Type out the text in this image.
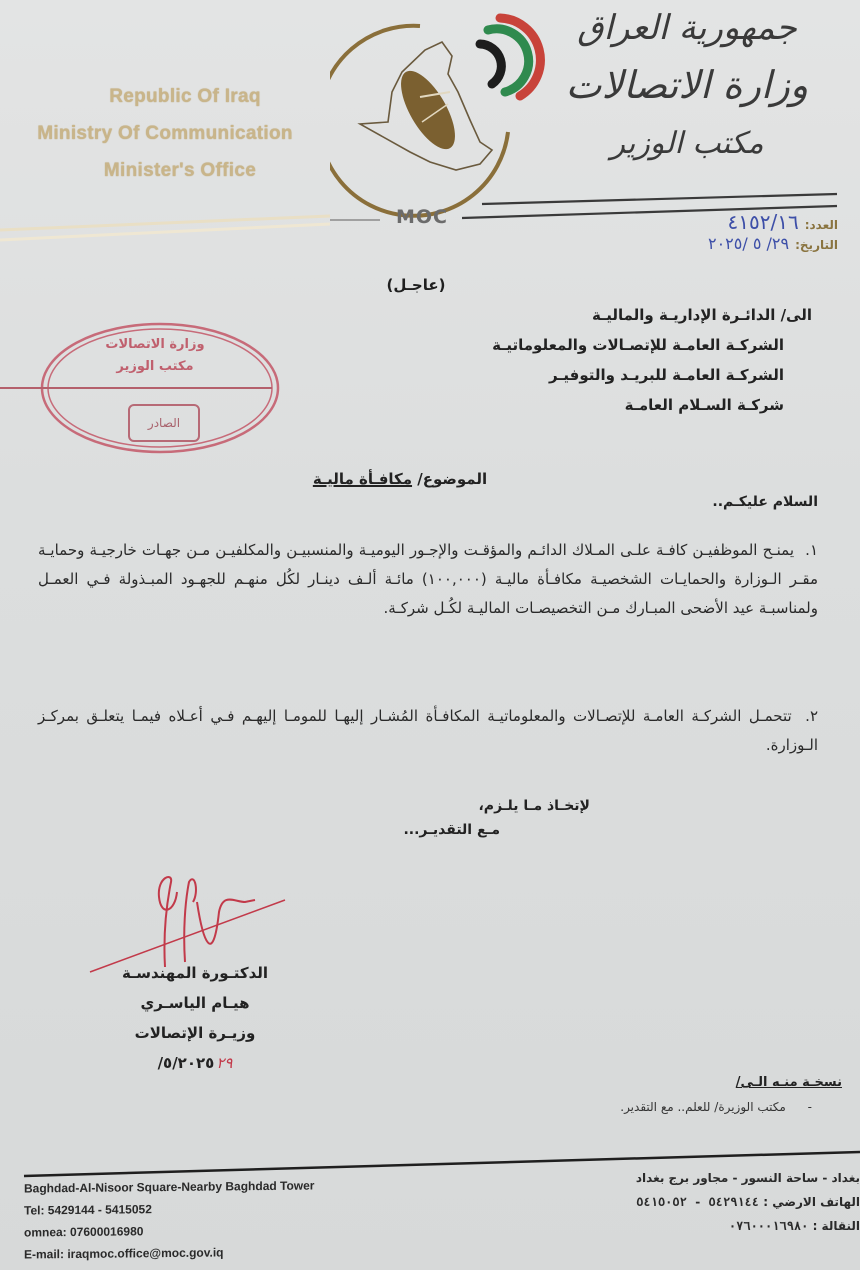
Republic Of Iraq
Ministry Of Communication
Minister's Office
MOC
جمهورية العراق
وزارة الاتصالات
مكتب الوزير
العدد:
٤١٥٢/١٦
التاريخ:
٢٩/ ٥ /٢٠٢٥
(عاجـل)
الى/ الدائـرة الإداريـة والماليـة
الشركـة العامـة للإتصـالات والمعلوماتيـة
الشركـة العامـة للبريـد والتوفيـر
شركـة السـلام العامـة
وزارة الاتصالات
مكتب الوزير
الصادر
الموضوع/ مكافـأة ماليـة
السلام عليكـم..
١. يمنـح الموظفيـن كافـة علـى المـلاك الدائـم والمؤقـت والإجـور اليوميـة والمنسبيـن والمكلفيـن مـن جهـات خارجيـة وحمايـة مقـر الـوزارة والحمايـات الشخصيـة مكافـأة ماليـة (١٠٠,٠٠٠) مائـة ألـف دينـار لكُل منهـم للجهـود المبـذولة فـي العمـل ولمناسبـة عيد الأضحى المبـارك مـن التخصيصـات الماليـة لكُـل شركـة.
٢. تتحمـل الشركـة العامـة للإتصـالات والمعلوماتيـة المكافـأة المُشـار إليهـا للمومـا إليهـم فـي أعـلاه فيمـا يتعلـق بمركـز الـوزارة.
لإتخـاذ مـا يلـزم،
مـع التقديـر...
الدكتـورة المهندسـة
هيـام الياسـري
وزيـرة الإتصالات
/٥/٢٠٢٥ ٢٩
نسخـة منـه الـى/
- مكتب الوزيرة/ للعلم.. مع التقدير.
Baghdad-Al-Nisoor Square-Nearby Baghdad Tower
Tel: 5429144 - 5415052
omnea: 07600016980
E-mail: iraqmoc.office@moc.gov.iq
بغداد - ساحة النسور - مجاور برج بغداد
الهاتف الارضي : ٥٤٢٩١٤٤ - ٥٤١٥٠٥٢
النقالة : ٠٧٦٠٠٠١٦٩٨٠
